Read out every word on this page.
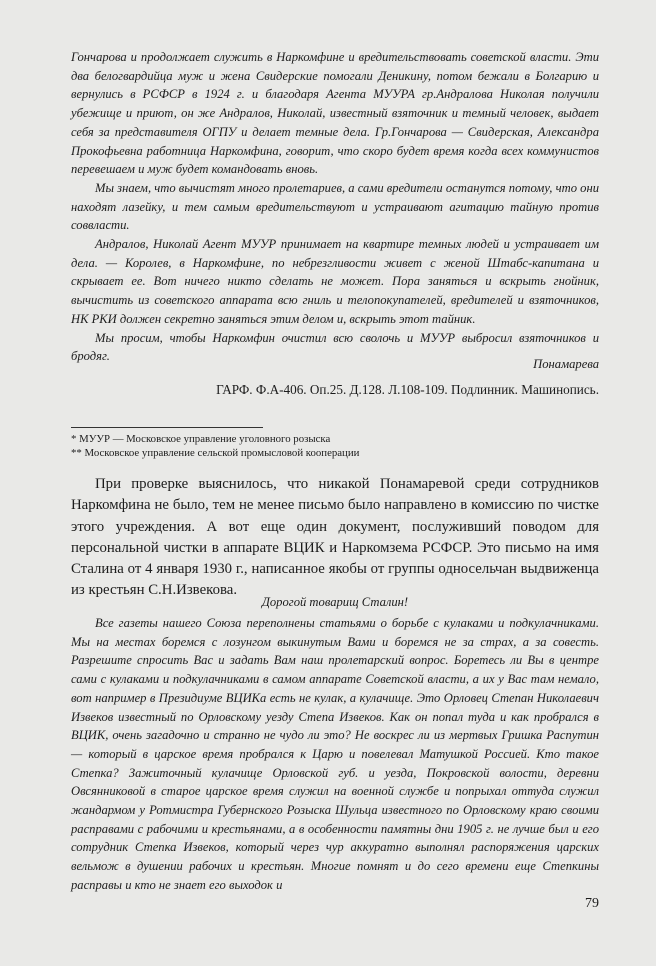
Гончарова и продолжает служить в Наркомфине и вредительствовать советской власти. Эти два белогвардийца муж и жена Свидерские помогали Деникину, потом бежали в Болгарию и вернулись в РСФСР в 1924 г. и благодаря Агента МУУРА гр.Андралова Николая получили убежище и приют, он же Андралов, Николай, известный взяточник и темный человек, выдает себя за представителя ОГПУ и делает темные дела. Гр.Гончарова — Свидерская, Александра Прокофьевна работница Наркомфина, говорит, что скоро будет время когда всех коммунистов перевешаем и муж будет командовать вновь.

Мы знаем, что вычистят много пролетариев, а сами вредители останутся потому, что они находят лазейку, и тем самым вредительствуют и устраивают агитацию тайную против соввласти.

Андралов, Николай Агент МУУР принимает на квартире темных людей и устраивает им дела. — Королев, в Наркомфине, по небрезгливости живет с женой Штабс-капитана и скрывает ее. Вот ничего никто сделать не может. Пора заняться и вскрыть гнойник, вычистить из советского аппарата всю гниль и телопокупателей, вредителей и взяточников, НК РКИ должен секретно заняться этим делом и, вскрыть этот тайник.

Мы просим, чтобы Наркомфин очистил всю сволочь и МУУР выбросил взяточников и бродяг.

Понамарева
ГАРФ. Ф.А-406. Оп.25. Д.128. Л.108-109. Подлинник. Машинопись.
* МУУР — Московское управление уголовного розыска
** Московское управление сельской промысловой кооперации

При проверке выяснилось, что никакой Понамаревой среди сотрудников Наркомфина не было, тем не менее письмо было направлено в комиссию по чистке этого учреждения. А вот еще один документ, послуживший поводом для персональной чистки в аппарате ВЦИК и Наркомзема РСФСР. Это письмо на имя Сталина от 4 января 1930 г., написанное якобы от группы односельчан выдвиженца из крестьян С.Н.Извекова.

Дорогой товарищ Сталин!

Все газеты нашего Союза переполнены статьями о борьбе с кулаками и подкулачниками. Мы на местах боремся с лозунгом выкинутым Вами и боремся не за страх, а за совесть. Разрешите спросить Вас и задать Вам наш пролетарский вопрос. Боретесь ли Вы в центре сами с кулаками и подкулачниками в самом аппарате Советской власти, а их у Вас там немало, вот например в Президиуме ВЦИКа есть не кулак, а кулачище. Это Орловец Степан Николаевич Извеков известный по Орловскому уезду Степа Извеков. Как он попал туда и как пробрался в ВЦИК, очень загадочно и странно не чудо ли это? Не воскрес ли из мертвых Гришка Распутин — который в царское время пробрался к Царю и повелевал Матушкой Россией. Кто такое Степка? Зажиточный кулачище Орловской губ. и уезда, Покровской волости, деревни Овсянниковой в старое царское время служил на военной службе и попрыхал оттуда служил жандармом у Ротмистра Губернского Розыска Шульца известного по Орловскому краю своими расправами с рабочими и крестьянами, а в особенности памятны дни 1905 г. не лучше был и его сотрудник Степка Извеков, который через чур аккуратно выполнял распоряжения царских вельмож в душении рабочих и крестьян. Многие помнят и до сего времени еще Степкины расправы и кто не знает его выходок и

79
